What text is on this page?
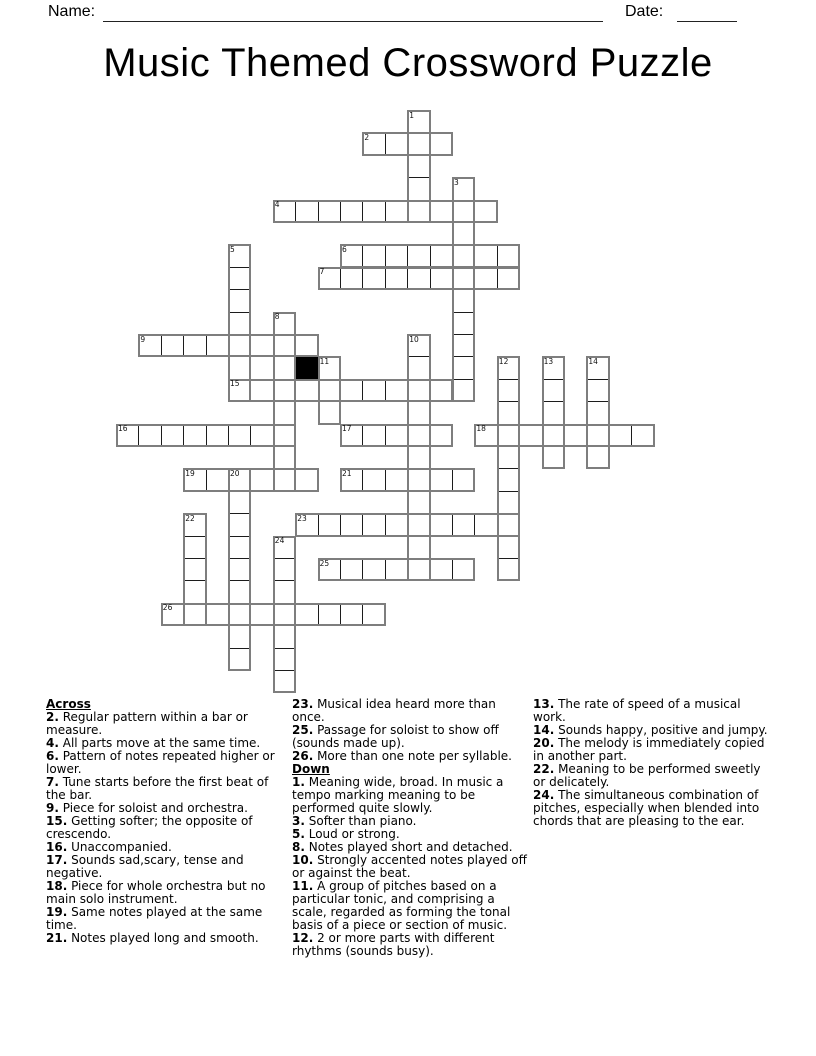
Name:	Date:
Music Themed Crossword Puzzle
1
2
3
4
5	6
7
8
9	10
11	12	13	14
15
16	17	18
19	20	21
22	23
24
25
26
Across
2. Regular pattern within a bar or measure.
4. All parts move at the same time.
6. Pattern of notes repeated higher or lower.
7. Tune starts before the first beat of the bar.
9. Piece for soloist and orchestra.
15. Getting softer; the opposite of crescendo.
16. Unaccompanied.
17. Sounds sad,scary, tense and negative.
18. Piece for whole orchestra but no main solo instrument.
19. Same notes played at the same time.
21. Notes played long and smooth.
23. Musical idea heard more than once.
25. Passage for soloist to show off (sounds made up).
26. More than one note per syllable.
Down
1. Meaning wide, broad. In music a tempo marking meaning to be performed quite slowly.
3. Softer than piano.
5. Loud or strong.
8. Notes played short and detached.
10. Strongly accented notes played off or against the beat.
11. A group of pitches based on a particular tonic, and comprising a scale, regarded as forming the tonal basis of a piece or section of music.
12. 2 or more parts with different rhythms (sounds busy).
13. The rate of speed of a musical work.
14. Sounds happy, positive and jumpy.
20. The melody is immediately copied in another part.
22. Meaning to be performed sweetly or delicately.
24. The simultaneous combination of pitches, especially when blended into chords that are pleasing to the ear.
